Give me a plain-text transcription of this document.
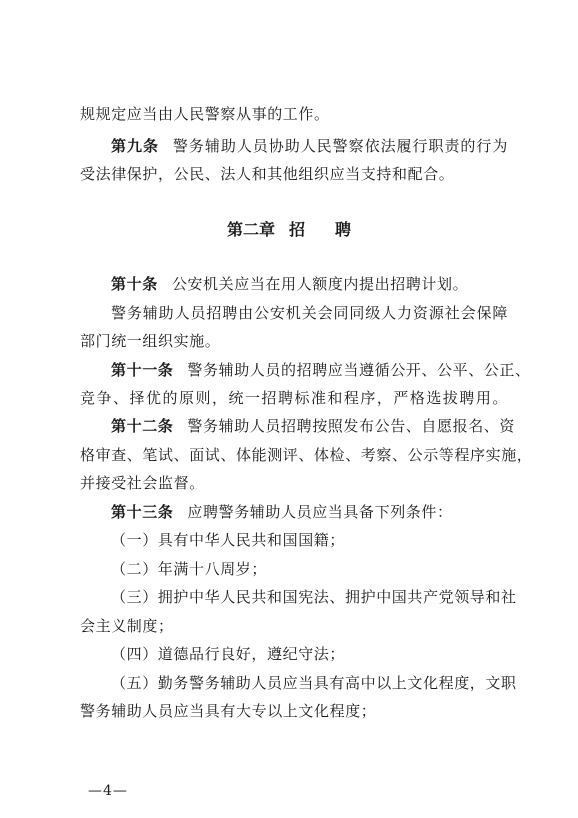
规规定应当由人民警察从事的工作。
第九条 警务辅助人员协助人民警察依法履行职责的行为
受法律保护，公民、法人和其他组织应当支持和配合。
第二章 招 聘
第十条 公安机关应当在用人额度内提出招聘计划。
警务辅助人员招聘由公安机关会同同级人力资源社会保障
部门统一组织实施。
第十一条 警务辅助人员的招聘应当遵循公开、公平、公正、
竞争、择优的原则，统一招聘标准和程序，严格选拔聘用。
第十二条 警务辅助人员招聘按照发布公告、自愿报名、资
格审查、笔试、面试、体能测评、体检、考察、公示等程序实施，
并接受社会监督。
第十三条 应聘警务辅助人员应当具备下列条件：
（一）具有中华人民共和国国籍；
（二）年满十八周岁；
（三）拥护中华人民共和国宪法、拥护中国共产党领导和社
会主义制度；
（四）道德品行良好，遵纪守法；
（五）勤务警务辅助人员应当具有高中以上文化程度，文职
警务辅助人员应当具有大专以上文化程度；
—4—
